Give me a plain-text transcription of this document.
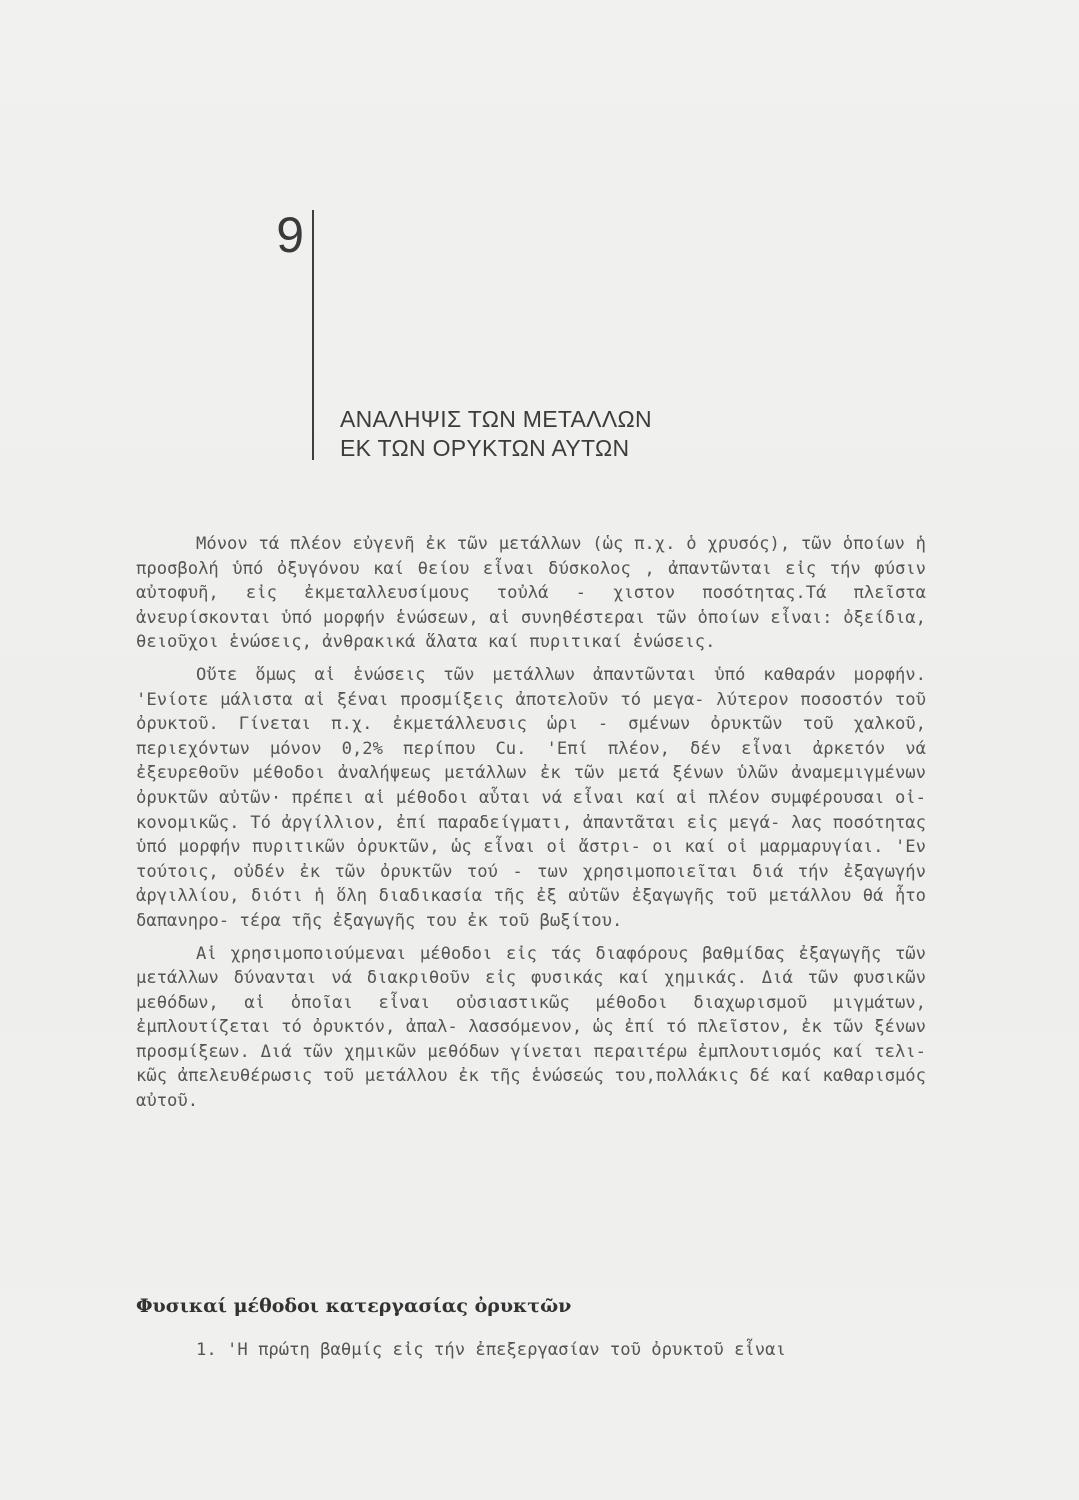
9
ΑΝΑΛΗΨΙΣ ΤΩΝ ΜΕΤΑΛΛΩΝ
ΕΚ ΤΩΝ ΟΡΥΚΤΩΝ ΑΥΤΩΝ

Μόνον τά πλέον εὐγενῆ ἐκ τῶν μετάλλων (ὡς π.χ. ὁ χρυσός), τῶν ὁποίων ἡ προσβολή ὑπό ὀξυγόνου καί θείου εἶναι δύσκολος , ἀπαντῶνται εἰς τήν φύσιν αὐτοφυῆ, εἰς ἐκμεταλλευσίμους τοὐλά - χιστον ποσότητας.Τά πλεῖστα ἀνευρίσκονται ὑπό μορφήν ἑνώσεων, αἱ συνηθέστεραι τῶν ὁποίων εἶναι: ὀξείδια, θειοῦχοι ἑνώσεις, ἀνθρακικά ἅλατα καί πυριτικαί ἑνώσεις.

Οὔτε ὅμως αἱ ἑνώσεις τῶν μετάλλων ἀπαντῶνται ὑπό καθαράν μορφήν. 'Ενίοτε μάλιστα αἱ ξέναι προσμίξεις ἀποτελοῦν τό μεγα- λύτερον ποσοστόν τοῦ ὀρυκτοῦ. Γίνεται π.χ. ἐκμετάλλευσις ὡρι - σμένων ὀρυκτῶν τοῦ χαλκοῦ, περιεχόντων μόνον 0,2% περίπου Cu. 'Επί πλέον, δέν εἶναι ἀρκετόν νά ἐξευρεθοῦν μέθοδοι ἀναλήψεως μετάλλων ἐκ τῶν μετά ξένων ὑλῶν ἀναμεμιγμένων ὀρυκτῶν αὐτῶν· πρέπει αἱ μέθοδοι αὗται νά εἶναι καί αἱ πλέον συμφέρουσαι οἰ- κονομικῶς. Τό ἀργίλλιον, ἐπί παραδείγματι, ἀπαντᾶται εἰς μεγά- λας ποσότητας ὑπό μορφήν πυριτικῶν ὀρυκτῶν, ὡς εἶναι οἱ ἄστρι- οι καί οἱ μαρμαρυγίαι. 'Εν τούτοις, οὐδέν ἐκ τῶν ὀρυκτῶν τού - των χρησιμοποιεῖται διά τήν ἐξαγωγήν ἀργιλλίου, διότι ἡ ὅλη διαδικασία τῆς ἐξ αὐτῶν ἐξαγωγῆς τοῦ μετάλλου θά ἦτο δαπανηρο- τέρα τῆς ἐξαγωγῆς του ἐκ τοῦ βωξίτου.

Αἱ χρησιμοποιούμεναι μέθοδοι εἰς τάς διαφόρους βαθμίδας ἐξαγωγῆς τῶν μετάλλων δύνανται νά διακριθοῦν εἰς φυσικάς καί χημικάς. Διά τῶν φυσικῶν μεθόδων, αἱ ὁποῖαι εἶναι οὐσιαστικῶς μέθοδοι διαχωρισμοῦ μιγμάτων, ἐμπλουτίζεται τό ὀρυκτόν, ἀπαλ- λασσόμενον, ὡς ἐπί τό πλεῖστον, ἐκ τῶν ξένων προσμίξεων. Διά τῶν χημικῶν μεθόδων γίνεται περαιτέρω ἐμπλουτισμός καί τελι- κῶς ἀπελευθέρωσις τοῦ μετάλλου ἐκ τῆς ἑνώσεώς του,πολλάκις δέ καί καθαρισμός αὐτοῦ.

Φυσικαί μέθοδοι κατεργασίας ὀρυκτῶν
1. 'Η πρώτη βαθμίς εἰς τήν ἐπεξεργασίαν τοῦ ὀρυκτοῦ εἶναι
